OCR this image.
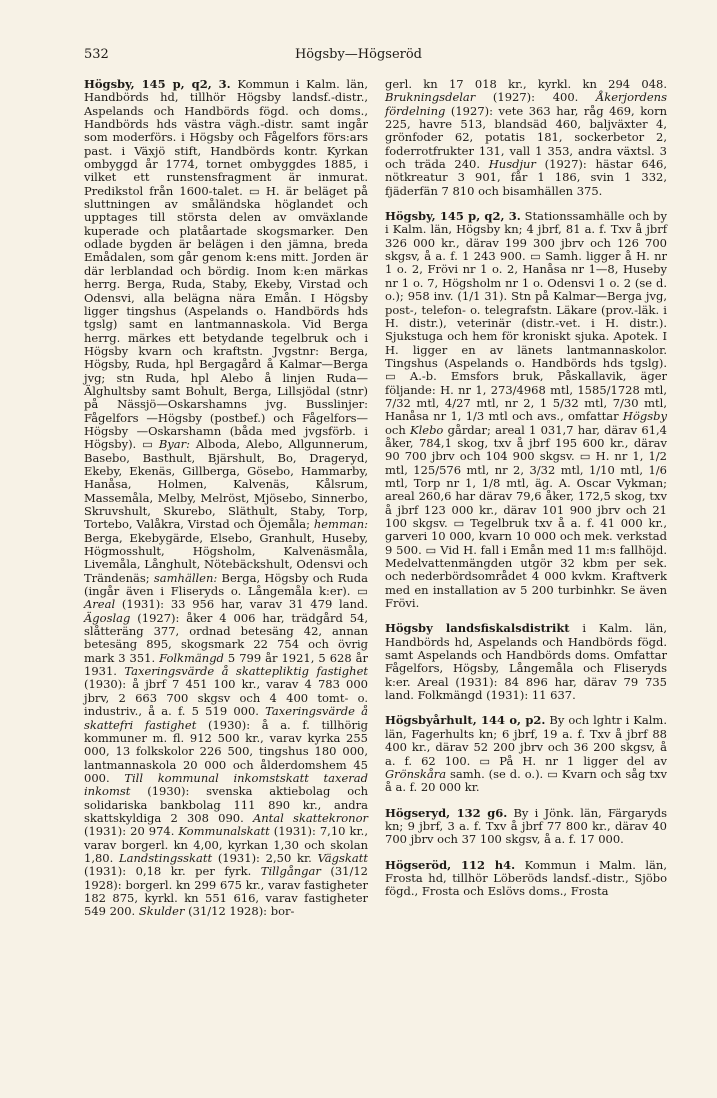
532	Högsby—Högseröd

Högsby, 145 p, q2, 3. Kommun i Kalm. län, Handbörds hd, tillhör Högsby landsf.-distr., Aspelands och Handbörds fögd. och doms., Handbörds hds västra vägh.-distr. samt ingår som moderförs. i Högsby och Fågelfors förs:ars past. i Växjö stift, Handbörds kontr. Kyrkan ombyggd år 1774, tornet ombyggdes 1885, i vilket ett runstensfragment är inmurat. Predikstol från 1600-talet. ▭ H. är beläget på sluttningen av småländska höglandet och upptages till största delen av omväxlande kuperade och platåartade skogsmarker. Den odlade bygden är belägen i den jämna, breda Emådalen, som går genom k:ens mitt. Jorden är där lerblandad och bördig. Inom k:en märkas herrg. Berga, Ruda, Staby, Ekeby, Virstad och Odensvi, alla belägna nära Emån. I Högsby ligger tingshus (Aspelands o. Handbörds hds tgslg) samt en lantmannaskola. Vid Berga herrg. märkes ett betydande tegelbruk och i Högsby kvarn och kraftstn. Jvgstnr: Berga, Högsby, Ruda, hpl Bergagård å Kalmar—Berga jvg; stn Ruda, hpl Alebo å linjen Ruda—Älghultsby samt Bohult, Berga, Lillsjödal (stnr) på Nässjö—Oskarshamns jvg. Busslinjer: Fågelfors —Högsby (postbef.) och Fågelfors—Högsby —Oskarshamn (båda med jvgsförb. i Högsby). ▭ Byar: Alboda, Alebo, Allgunnerum, Basebo, Basthult, Bjärshult, Bo, Drageryd, Ekeby, Ekenäs, Gillberga, Gösebo, Hammarby, Hanåsa, Holmen, Kalvenäs, Kålsrum, Massemåla, Melby, Melröst, Mjösebo, Sinnerbo, Skruvshult, Skurebo, Släthult, Staby, Torp, Tortebo, Valåkra, Virstad och Öjemåla; hemman: Berga, Ekebygärde, Elsebo, Granhult, Huseby, Högmosshult, Högsholm, Kalvenäsmåla, Livemåla, Långhult, Nötebäckshult, Odensvi och Trändenäs; samhällen: Berga, Högsby och Ruda (ingår även i Fliseryds o. Långemåla k:er). ▭ Areal (1931): 33 956 har, varav 31 479 land. Ägoslag (1927): åker 4 006 har, trädgård 54, slåtteräng 377, ordnad betesäng 42, annan betesäng 895, skogsmark 22 754 och övrig mark 3 351. Folkmängd 5 799 år 1921, 5 628 år 1931. Taxeringsvärde å skattepliktig fastighet (1930): å jbrf 7 451 100 kr., varav 4 783 000 jbrv, 2 663 700 skgsv och 4 400 tomt- o. industriv., å a. f. 5 519 000. Taxeringsvärde å skattefri fastighet (1930): å a. f. tillhörig kommuner m. fl. 912 500 kr., varav kyrka 255 000, 13 folkskolor 226 500, tingshus 180 000, lantmannaskola 20 000 och ålderdomshem 45 000. Till kommunal inkomstskatt taxerad inkomst (1930): svenska aktiebolag och solidariska bankbolag 111 890 kr., andra skattskyldiga 2 308 090. Antal skattekronor (1931): 20 974. Kommunalskatt (1931): 7,10 kr., varav borgerl. kn 4,00, kyrkan 1,30 och skolan 1,80. Landstingsskatt (1931): 2,50 kr. Vägskatt (1931): 0,18 kr. per fyrk. Tillgångar (31/12 1928): borgerl. kn 299 675 kr., varav fastigheter 182 875, kyrkl. kn 551 616, varav fastigheter 549 200. Skulder (31/12 1928): bor-

gerl. kn 17 018 kr., kyrkl. kn 294 048. Brukningsdelar (1927): 400. Åkerjordens fördelning (1927): vete 363 har, råg 469, korn 225, havre 513, blandsäd 460, baljväxter 4, grönfoder 62, potatis 181, sockerbetor 2, foderrotfrukter 131, vall 1 353, andra växtsl. 3 och träda 240. Husdjur (1927): hästar 646, nötkreatur 3 901, får 1 186, svin 1 332, fjäderfän 7 810 och bisamhällen 375.

Högsby, 145 p, q2, 3. Stationssamhälle och by i Kalm. län, Högsby kn; 4 jbrf, 81 a. f. Txv å jbrf 326 000 kr., därav 199 300 jbrv och 126 700 skgsv, å a. f. 1 243 900. ▭ Samh. ligger å H. nr 1 o. 2, Frövi nr 1 o. 2, Hanåsa nr 1—8, Huseby nr 1 o. 7, Högsholm nr 1 o. Odensvi 1 o. 2 (se d. o.); 958 inv. (1/1 31). Stn på Kalmar—Berga jvg, post-, telefon- o. telegrafstn. Läkare (prov.-läk. i H. distr.), veterinär (distr.-vet. i H. distr.). Sjukstuga och hem för kroniskt sjuka. Apotek. I H. ligger en av länets lantmannaskolor. Tingshus (Aspelands o. Handbörds hds tgslg). ▭ A.-b. Emsfors bruk, Påskallavik, äger följande: H. nr 1, 273/4968 mtl, 1585/1728 mtl, 7/32 mtl, 4/27 mtl, nr 2, 1 5/32 mtl, 7/30 mtl, Hanåsa nr 1, 1/3 mtl och avs., omfattar Högsby och Klebo gårdar; areal 1 031,7 har, därav 61,4 åker, 784,1 skog, txv å jbrf 195 600 kr., därav 90 700 jbrv och 104 900 skgsv. ▭ H. nr 1, 1/2 mtl, 125/576 mtl, nr 2, 3/32 mtl, 1/10 mtl, 1/6 mtl, Torp nr 1, 1/8 mtl, äg. A. Oscar Vykman; areal 260,6 har därav 79,6 åker, 172,5 skog, txv å jbrf 123 000 kr., därav 101 900 jbrv och 21 100 skgsv. ▭ Tegelbruk txv å a. f. 41 000 kr., garveri 10 000, kvarn 10 000 och mek. verkstad 9 500. ▭ Vid H. fall i Emån med 11 m:s fallhöjd. Medelvattenmängden utgör 32 kbm per sek. och nederbördsområdet 4 000 kvkm. Kraftverk med en installation av 5 200 turbinhkr. Se även Frövi.

Högsby landsfiskalsdistrikt i Kalm. län, Handbörds hd, Aspelands och Handbörds fögd. samt Aspelands och Handbörds doms. Omfattar Fågelfors, Högsby, Långemåla och Fliseryds k:er. Areal (1931): 84 896 har, därav 79 735 land. Folkmängd (1931): 11 637.

Högsbyårhult, 144 o, p2. By och lghtr i Kalm. län, Fagerhults kn; 6 jbrf, 19 a. f. Txv å jbrf 88 400 kr., därav 52 200 jbrv och 36 200 skgsv, å a. f. 62 100. ▭ På H. nr 1 ligger del av Grönskåra samh. (se d. o.). ▭ Kvarn och såg txv å a. f. 20 000 kr.

Högseryd, 132 g6. By i Jönk. län, Färgaryds kn; 9 jbrf, 3 a. f. Txv å jbrf 77 800 kr., därav 40 700 jbrv och 37 100 skgsv, å a. f. 17 000.

Högseröd, 112 h4. Kommun i Malm. län, Frosta hd, tillhör Löberöds landsf.-distr., Sjöbo fögd., Frosta och Eslövs doms., Frosta
